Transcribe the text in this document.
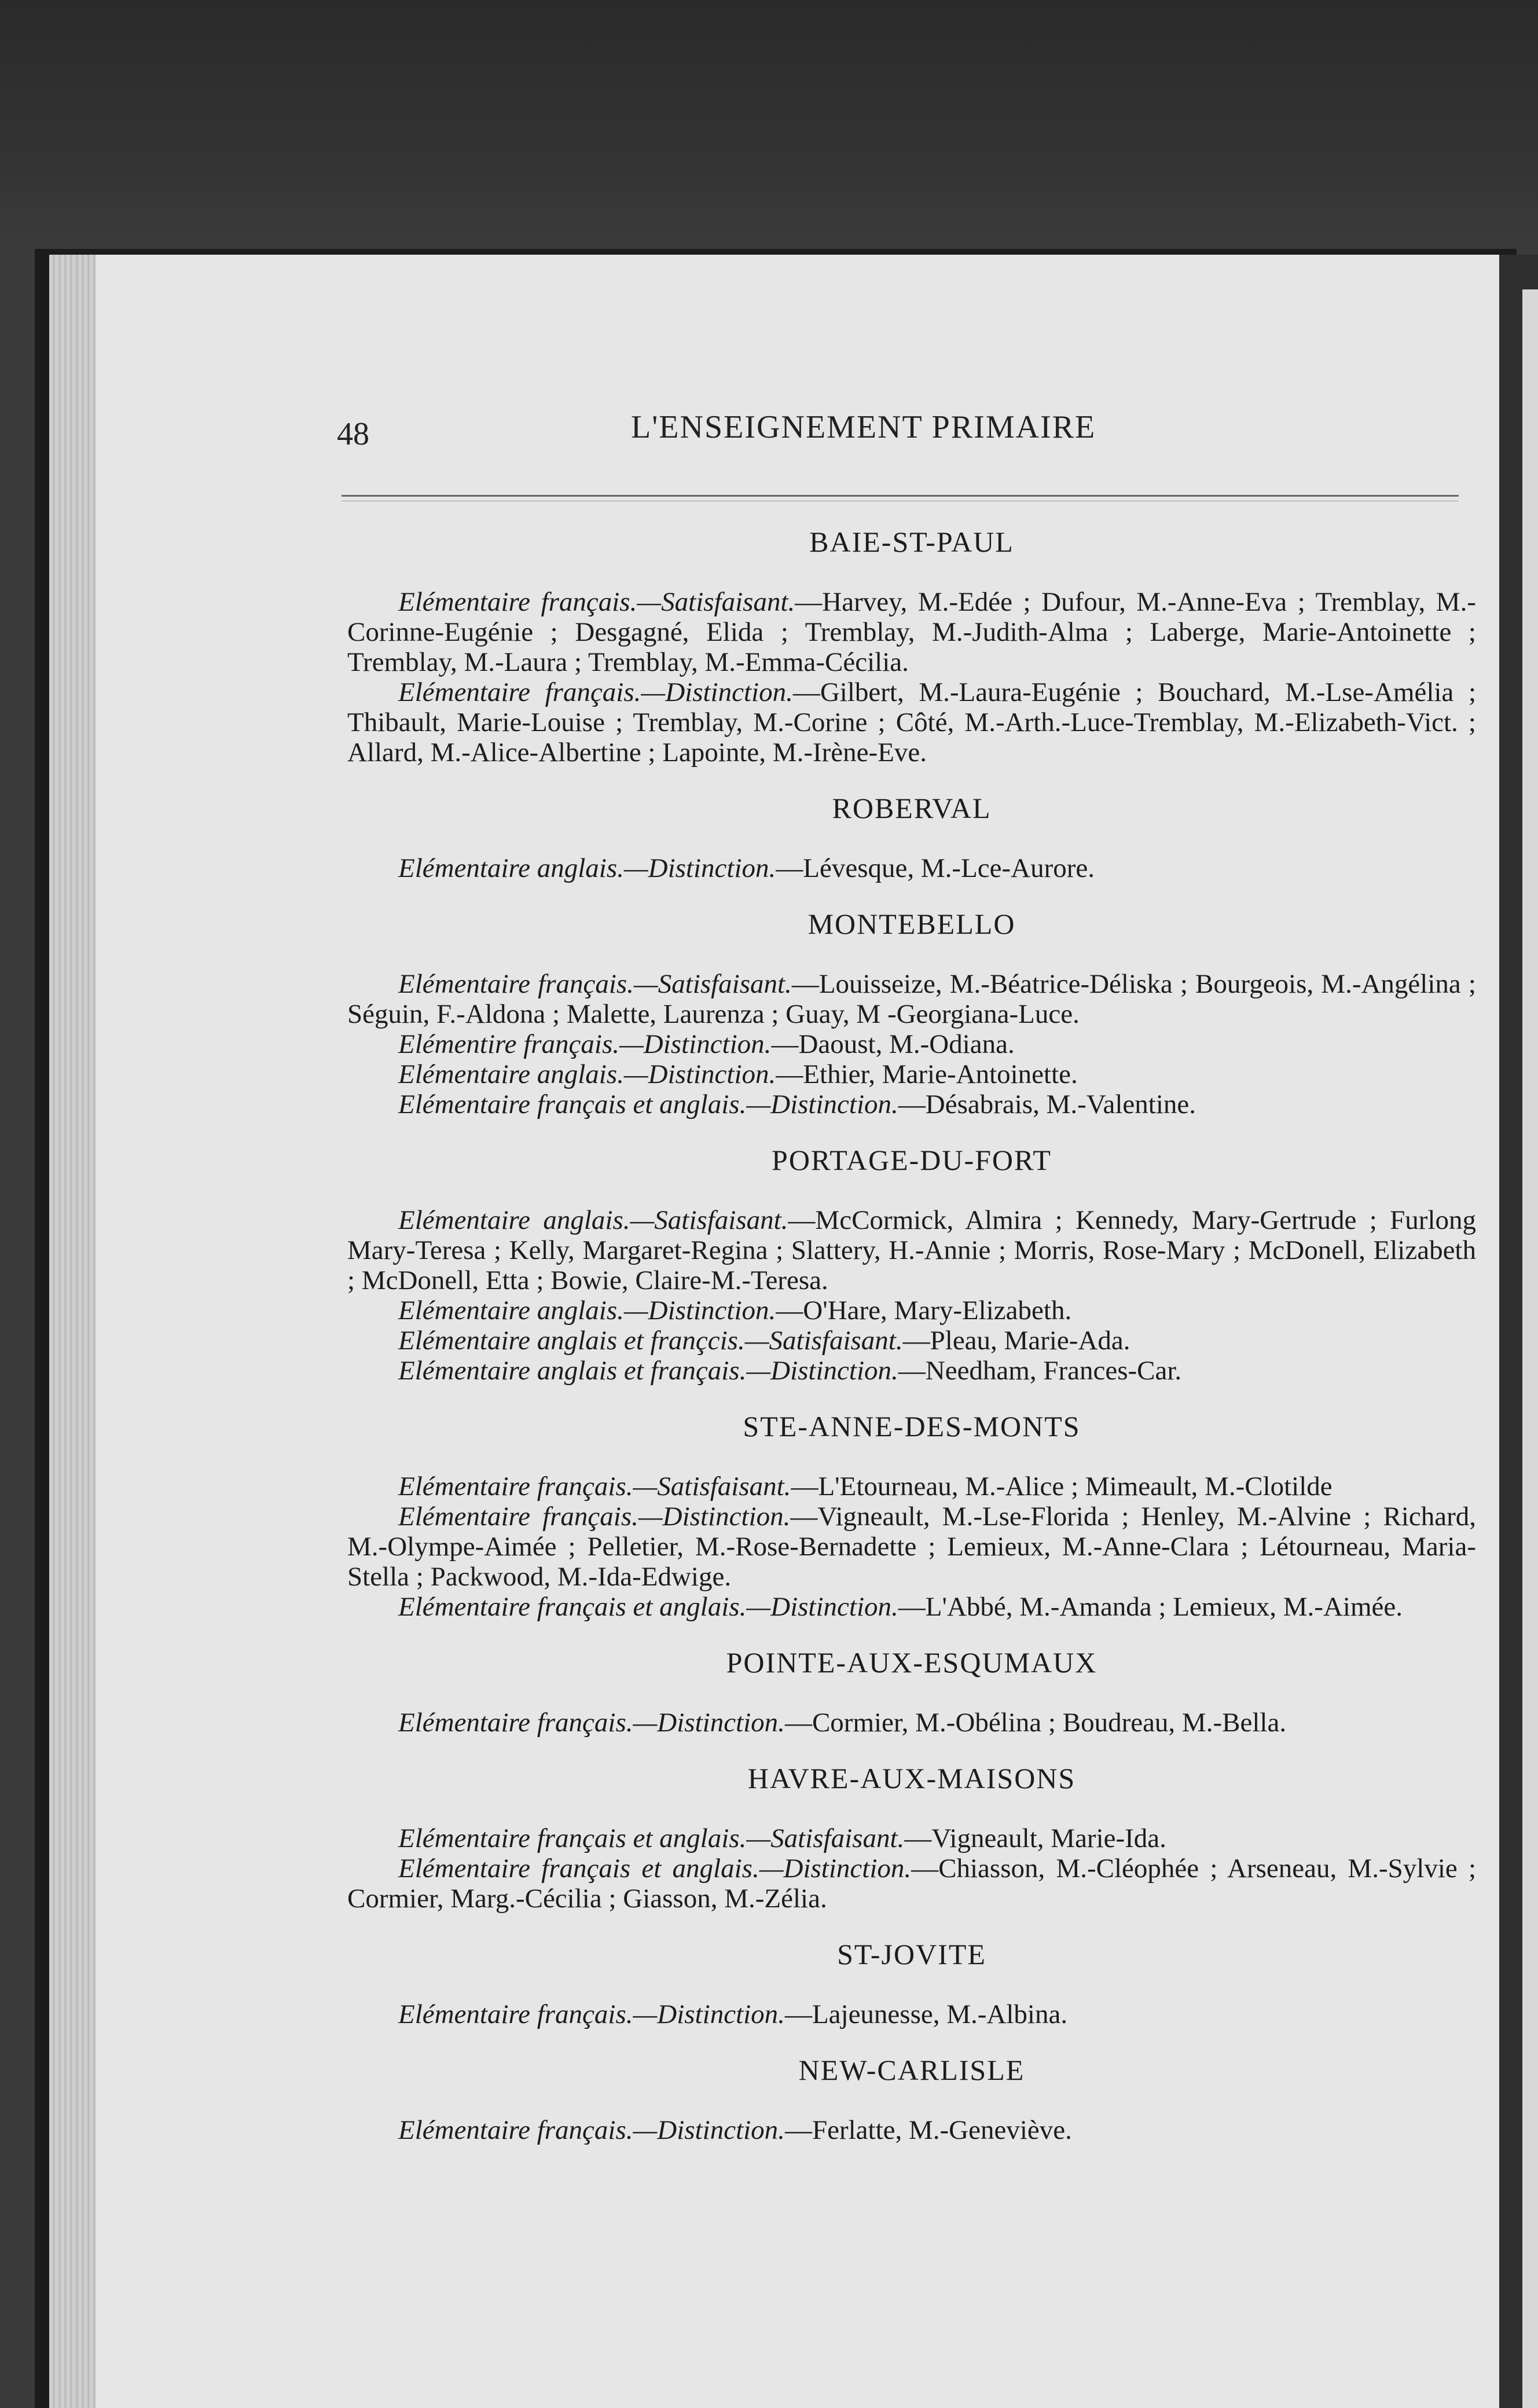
48	L'ENSEIGNEMENT PRIMAIRE
BAIE-ST-PAUL

Elémentaire français.—Satisfaisant.—Harvey, M.-Edée ; Dufour, M.-Anne-Eva ; Tremblay, M.-Corinne-Eugénie ; Desgagné, Elida ; Tremblay, M.-Judith-Alma ; Laberge, Marie-Antoinette ; Tremblay, M.-Laura ; Tremblay, M.-Emma-Cécilia.

Elémentaire français.—Distinction.—Gilbert, M.-Laura-Eugénie ; Bouchard, M.-Lse-Amélia ; Thibault, Marie-Louise ; Tremblay, M.-Corine ; Côté, M.-Arth.-Luce-Tremblay, M.-Elizabeth-Vict. ; Allard, M.-Alice-Albertine ; Lapointe, M.-Irène-Eve.

ROBERVAL

Elémentaire anglais.—Distinction.—Lévesque, M.-Lce-Aurore.

MONTEBELLO

Elémentaire français.—Satisfaisant.—Louisseize, M.-Béatrice-Déliska ; Bourgeois, M.-Angélina ; Séguin, F.-Aldona ; Malette, Laurenza ; Guay, M -Georgiana-Luce.

Elémentire français.—Distinction.—Daoust, M.-Odiana.

Elémentaire anglais.—Distinction.—Ethier, Marie-Antoinette.

Elémentaire français et anglais.—Distinction.—Désabrais, M.-Valentine.

PORTAGE-DU-FORT

Elémentaire anglais.—Satisfaisant.—McCormick, Almira ; Kennedy, Mary-Gertrude ; Furlong Mary-Teresa ; Kelly, Margaret-Regina ; Slattery, H.-Annie ; Morris, Rose-Mary ; McDonell, Elizabeth ; McDonell, Etta ; Bowie, Claire-M.-Teresa.

Elémentaire anglais.—Distinction.—O'Hare, Mary-Elizabeth.

Elémentaire anglais et françcis.—Satisfaisant.—Pleau, Marie-Ada.

Elémentaire anglais et français.—Distinction.—Needham, Frances-Car.

STE-ANNE-DES-MONTS

Elémentaire français.—Satisfaisant.—L'Etourneau, M.-Alice ; Mimeault, M.-Clotilde

Elémentaire français.—Distinction.—Vigneault, M.-Lse-Florida ; Henley, M.-Alvine ; Richard, M.-Olympe-Aimée ; Pelletier, M.-Rose-Bernadette ; Lemieux, M.-Anne-Clara ; Létourneau, Maria-Stella ; Packwood, M.-Ida-Edwige.

Elémentaire français et anglais.—Distinction.—L'Abbé, M.-Amanda ; Lemieux, M.-Aimée.

POINTE-AUX-ESQUMAUX

Elémentaire français.—Distinction.—Cormier, M.-Obélina ; Boudreau, M.-Bella.

HAVRE-AUX-MAISONS

Elémentaire français et anglais.—Satisfaisant.—Vigneault, Marie-Ida.

Elémentaire français et anglais.—Distinction.—Chiasson, M.-Cléophée ; Arseneau, M.-Sylvie ; Cormier, Marg.-Cécilia ; Giasson, M.-Zélia.

ST-JOVITE

Elémentaire français.—Distinction.—Lajeunesse, M.-Albina.

NEW-CARLISLE

Elémentaire français.—Distinction.—Ferlatte, M.-Geneviève.
